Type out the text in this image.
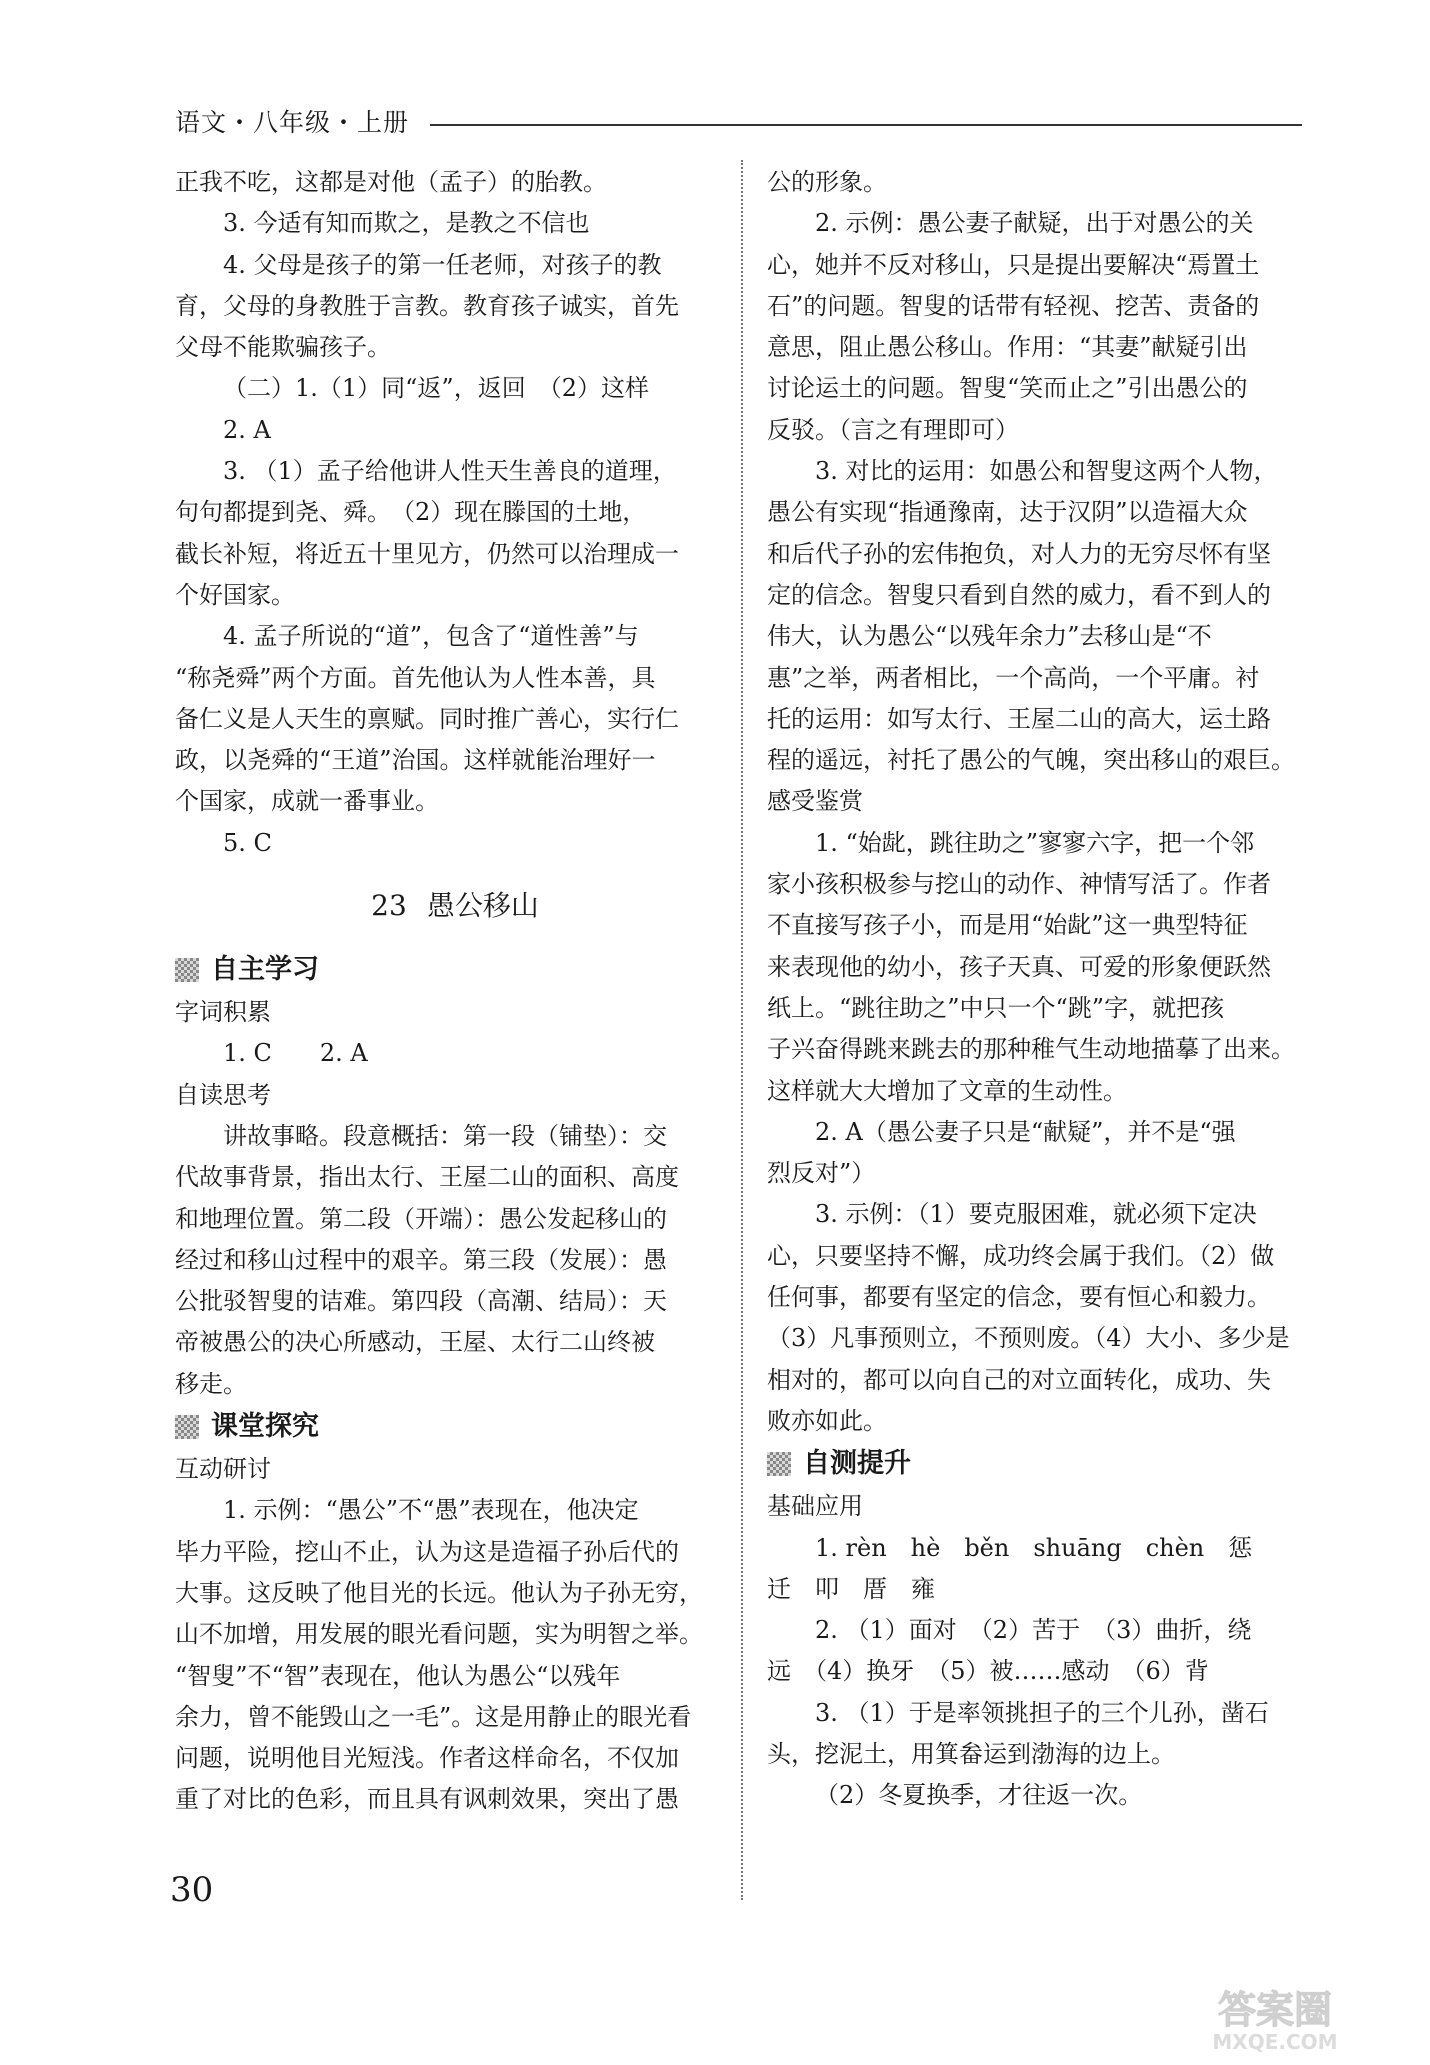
语文・八年级・上册
正我不吃，这都是对他（孟子）的胎教。
3. 今适有知而欺之，是教之不信也
4. 父母是孩子的第一任老师，对孩子的教
育，父母的身教胜于言教。教育孩子诚实，首先
父母不能欺骗孩子。
（二）1.（1）同“返”，返回　（2）这样
2. A
3. （1）孟子给他讲人性天生善良的道理，
句句都提到尧、舜。　（2）现在滕国的土地，
截长补短，将近五十里见方，仍然可以治理成一
个好国家。
4. 孟子所说的“道”，包含了“道性善”与
“称尧舜”两个方面。首先他认为人性本善，具
备仁义是人天生的禀赋。同时推广善心，实行仁
政，以尧舜的“王道”治国。这样就能治理好一
个国家，成就一番事业。
5. C
23 愚公移山
自主学习
字词积累
1. C　　2. A
自读思考
讲故事略。段意概括：第一段（铺垫）：交
代故事背景，指出太行、王屋二山的面积、高度
和地理位置。第二段（开端）：愚公发起移山的
经过和移山过程中的艰辛。第三段（发展）：愚
公批驳智叟的诘难。第四段（高潮、结局）：天
帝被愚公的决心所感动，王屋、太行二山终被
移走。
课堂探究
互动研讨
1. 示例：“愚公”不“愚”表现在，他决定
毕力平险，挖山不止，认为这是造福子孙后代的
大事。这反映了他目光的长远。他认为子孙无穷，
山不加增，用发展的眼光看问题，实为明智之举。
“智叟”不“智”表现在，他认为愚公“以残年
余力，曾不能毁山之一毛”。这是用静止的眼光看
问题，说明他目光短浅。作者这样命名，不仅加
重了对比的色彩，而且具有讽刺效果，突出了愚
公的形象。
2. 示例：愚公妻子献疑，出于对愚公的关
心，她并不反对移山，只是提出要解决“焉置土
石”的问题。智叟的话带有轻视、挖苦、责备的
意思，阻止愚公移山。作用：“其妻”献疑引出
讨论运土的问题。智叟“笑而止之”引出愚公的
反驳。（言之有理即可）
3. 对比的运用：如愚公和智叟这两个人物，
愚公有实现“指通豫南，达于汉阴”以造福大众
和后代子孙的宏伟抱负，对人力的无穷尽怀有坚
定的信念。智叟只看到自然的威力，看不到人的
伟大，认为愚公“以残年余力”去移山是“不
惠”之举，两者相比，一个高尚，一个平庸。衬
托的运用：如写太行、王屋二山的高大，运土路
程的遥远，衬托了愚公的气魄，突出移山的艰巨。
感受鉴赏
1. “始龀，跳往助之”寥寥六字，把一个邻
家小孩积极参与挖山的动作、神情写活了。作者
不直接写孩子小，而是用“始龀”这一典型特征
来表现他的幼小，孩子天真、可爱的形象便跃然
纸上。“跳往助之”中只一个“跳”字，就把孩
子兴奋得跳来跳去的那种稚气生动地描摹了出来。
这样就大大增加了文章的生动性。
2. A（愚公妻子只是“献疑”，并不是“强
烈反对”）
3. 示例：（1）要克服困难，就必须下定决
心，只要坚持不懈，成功终会属于我们。（2）做
任何事，都要有坚定的信念，要有恒心和毅力。
（3）凡事预则立，不预则废。（4）大小、多少是
相对的，都可以向自己的对立面转化，成功、失
败亦如此。
自测提升
基础应用
1. rèn　hè　běn　shuāng　chèn　惩
迁　叩　厝　雍
2. （1）面对　（2）苦于　（3）曲折，绕
远　（4）换牙　（5）被……感动　（6）背
3. （1）于是率领挑担子的三个儿孙，凿石
头，挖泥土，用箕畚运到渤海的边上。
（2）冬夏换季，才往返一次。
30
答案圈
MXQE.COM
